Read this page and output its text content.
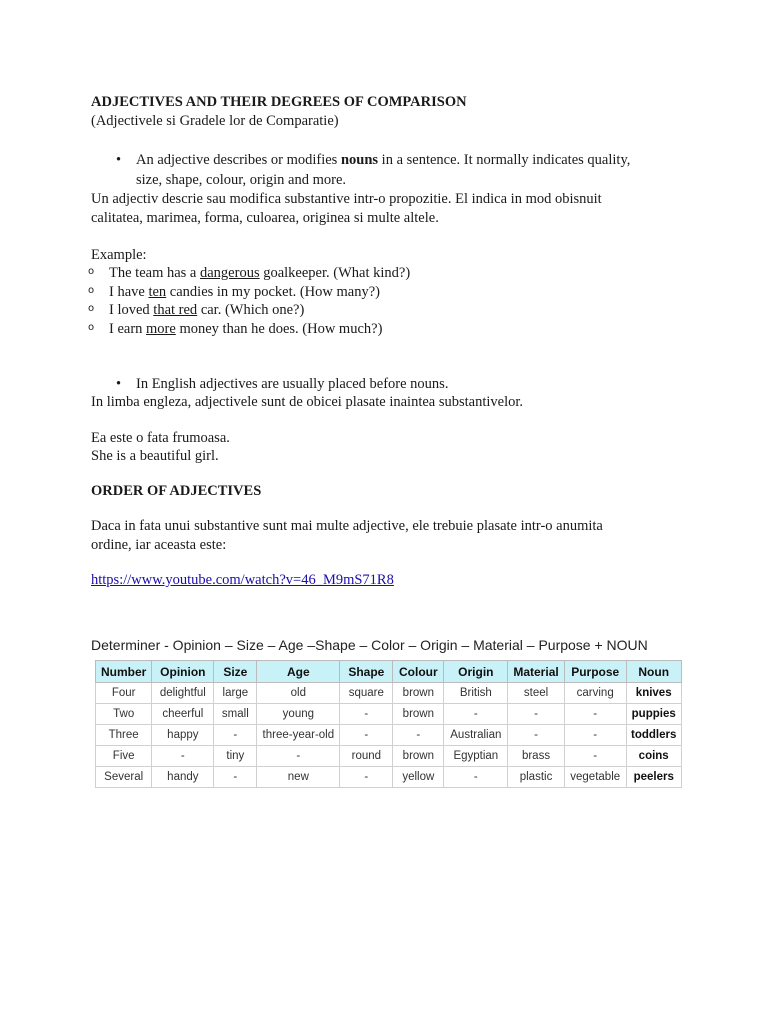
ADJECTIVES AND THEIR DEGREES OF COMPARISON
(Adjectivele si Gradele lor de Comparatie)
• An adjective describes or modifies nouns in a sentence. It normally indicates quality,
size, shape, colour, origin and more.
Un adjectiv descrie sau modifica substantive intr-o propozitie. El indica in mod obisnuit
calitatea, marimea, forma, culoarea, originea si multe altele.
Example:
o The team has a dangerous goalkeeper. (What kind?)
o I have ten candies in my pocket. (How many?)
o I loved that red car. (Which one?)
o I earn more money than he does. (How much?)
• In English adjectives are usually placed before nouns.
In limba engleza, adjectivele sunt de obicei plasate inaintea substantivelor.
Ea este o fata frumoasa.
She is a beautiful girl.
ORDER OF ADJECTIVES
Daca in fata unui substantive sunt mai multe adjective, ele trebuie plasate intr-o anumita
ordine, iar aceasta este:
https://www.youtube.com/watch?v=46_M9mS71R8
Determiner - Opinion – Size – Age –Shape – Color – Origin – Material – Purpose + NOUN
Number	Opinion	Size	Age	Shape	Colour	Origin	Material	Purpose	Noun
Four	delightful	large	old	square	brown	British	steel	carving	knives
Two	cheerful	small	young	-	brown	-	-	-	puppies
Three	happy	-	three-year-old	-	-	Australian	-	-	toddlers
Five	-	tiny	-	round	brown	Egyptian	brass	-	coins
Several	handy	-	new	-	yellow	-	plastic	vegetable	peelers
